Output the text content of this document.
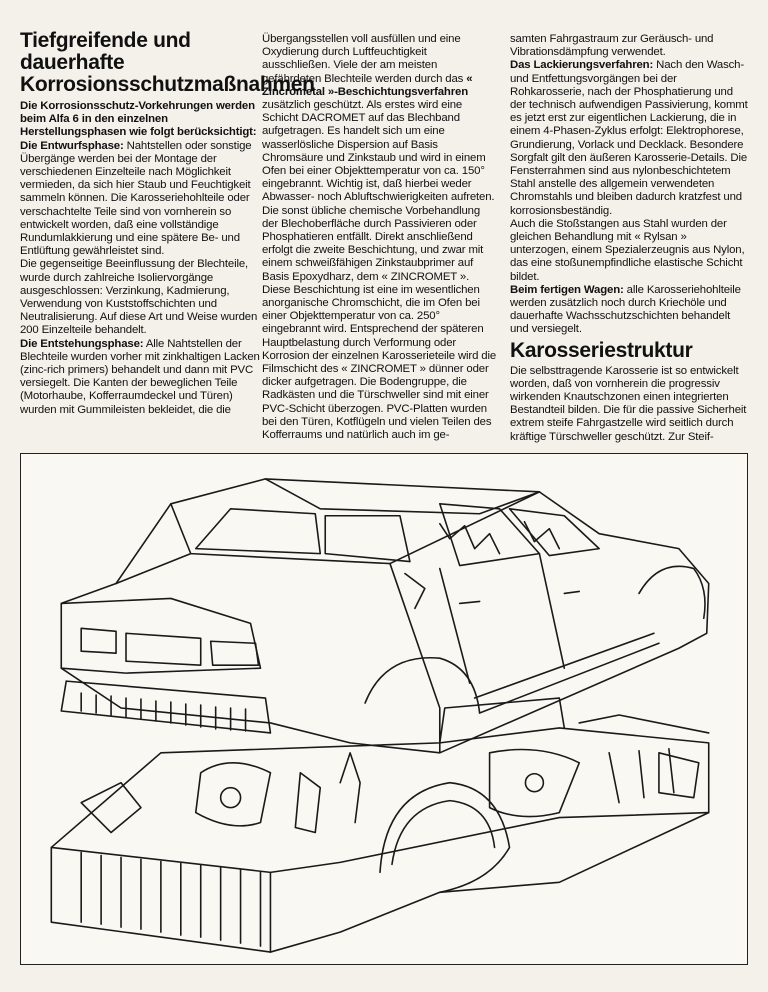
Tiefgreifende und dauerhafte Korrosionsschutzmaßnahmen

Die Korrosionsschutz-Vorkehrungen werden beim Alfa 6 in den einzelnen Herstellungsphasen wie folgt berücksichtigt:

Die Entwurfsphase: Nahtstellen oder sonstige Übergänge werden bei der Montage der verschiedenen Einzelteile nach Möglichkeit vermieden, da sich hier Staub und Feuchtigkeit sammeln können. Die Karosseriehohlteile oder verschachtelte Teile sind von vornherein so entwickelt worden, daß eine vollständige Rundumlakkierung und eine spätere Be- und Entlüftung gewährleistet sind.

Die gegenseitige Beeinflussung der Blechteile, wurde durch zahlreiche Isoliervorgänge ausgeschlossen: Verzinkung, Kadmierung, Verwendung von Kuststoffschichten und Neutralisierung. Auf diese Art und Weise wurden 200 Einzelteile behandelt.

Die Entstehungsphase: Alle Nahtstellen der Blechteile wurden vorher mit zinkhaltigen Lacken (zinc-rich primers) behandelt und dann mit PVC versiegelt. Die Kanten der beweglichen Teile (Motorhaube, Kofferraumdeckel und Türen) wurden mit Gummileisten bekleidet, die die

Übergangsstellen voll ausfüllen und eine Oxydierung durch Luftfeuchtigkeit ausschließen. Viele der am meisten gefährdeten Blechteile werden durch das « Zincrometal »-Beschichtungsverfahren zusätzlich geschützt. Als erstes wird eine Schicht DACROMET auf das Blechband aufgetragen. Es handelt sich um eine wasserlösliche Dispersion auf Basis Chromsäure und Zinkstaub und wird in einem Ofen bei einer Objekttemperatur von ca. 150° eingebrannt. Wichtig ist, daß hierbei weder Abwasser- noch Abluftschwierigkeiten aufreten. Die sonst übliche chemische Vorbehandlung der Blechoberfläche durch Passivieren oder Phosphatieren entfällt. Direkt anschließend erfolgt die zweite Beschichtung, und zwar mit einem schweißfähigen Zinkstaubprimer auf Basis Epoxydharz, dem « ZINCROMET ». Diese Beschichtung ist eine im wesentlichen anorganische Chromschicht, die im Ofen bei einer Objekttemperatur von ca. 250° eingebrannt wird. Entsprechend der späteren Hauptbelastung durch Verformung oder Korrosion der einzelnen Karosserieteile wird die Filmschicht des « ZINCROMET » dünner oder dicker aufgetragen. Die Bodengruppe, die Radkästen und die Türschweller sind mit einer PVC-Schicht überzogen. PVC-Platten wurden bei den Türen, Kotflügeln und vielen Teilen des Kofferraums und natürlich auch im ge-

samten Fahrgastraum zur Geräusch- und Vibrationsdämpfung verwendet.

Das Lackierungsverfahren: Nach den Wasch- und Entfettungsvorgängen bei der Rohkarosserie, nach der Phosphatierung und der technisch aufwendigen Passivierung, kommt es jetzt erst zur eigentlichen Lackierung, die in einem 4-Phasen-Zyklus erfolgt: Elektrophorese, Grundierung, Vorlack und Decklack. Besondere Sorgfalt gilt den äußeren Karosserie-Details. Die Fensterrahmen sind aus nylonbeschichtetem Stahl anstelle des allgemein verwendeten Chromstahls und bleiben dadurch kratzfest und korrosionsbeständig.

Auch die Stoßstangen aus Stahl wurden der gleichen Behandlung mit « Rylsan » unterzogen, einem Spezialerzeugnis aus Nylon, das eine stoßunempfindliche elastische Schicht bildet.

Beim fertigen Wagen: alle Karosseriehohlteile werden zusätzlich noch durch Kriechöle und dauerhafte Wachsschutzschichten behandelt und versiegelt.

Karosseriestruktur

Die selbsttragende Karosserie ist so entwickelt worden, daß von vornherein die progressiv wirkenden Knautschzonen einen integrierten Bestandteil bilden. Die für die passive Sicherheit extrem steife Fahrgastzelle wird seitlich durch kräftige Türschweller geschützt. Zur Steif-
